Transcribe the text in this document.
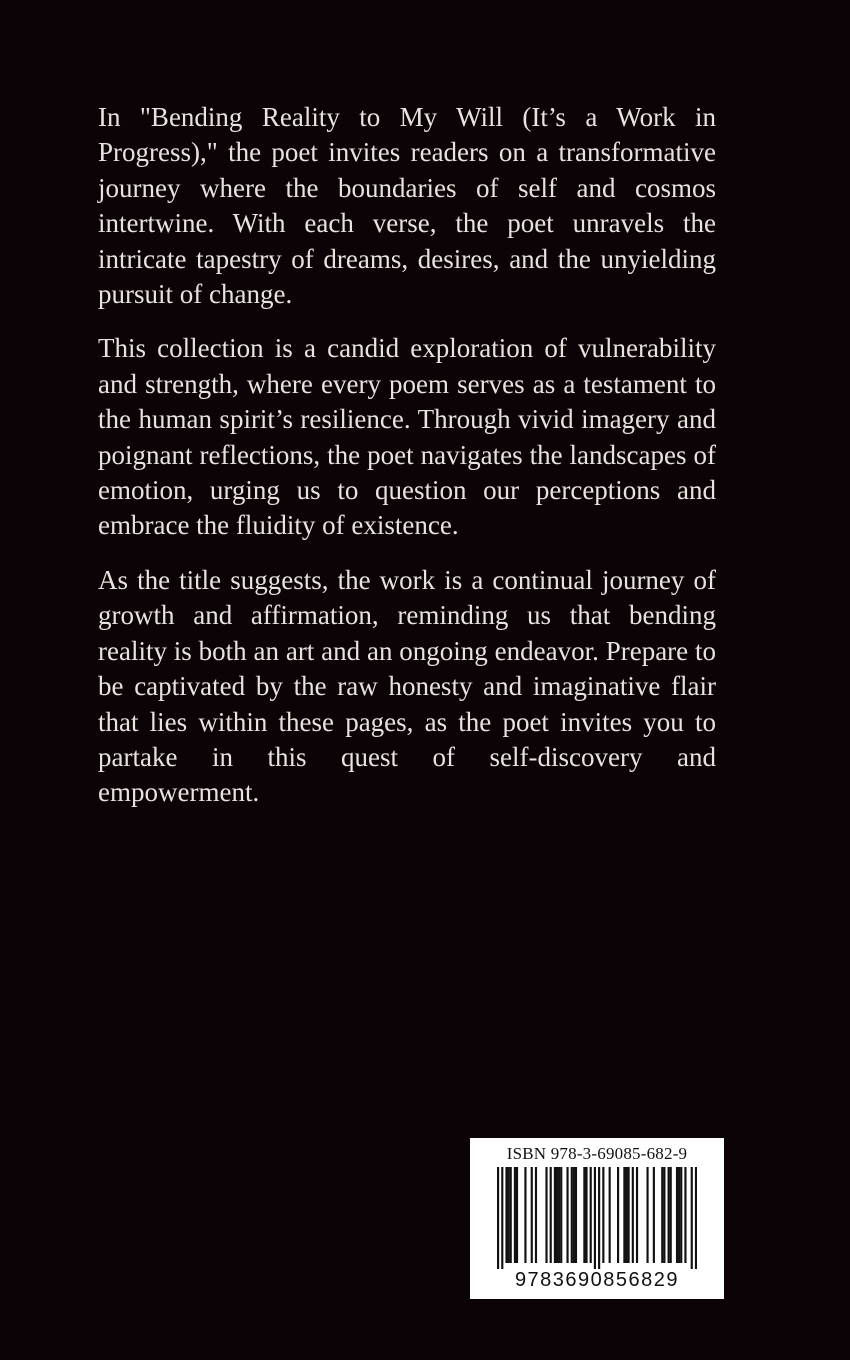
In "Bending Reality to My Will (It’s a Work in Progress)," the poet invites readers on a transformative journey where the boundaries of self and cosmos intertwine. With each verse, the poet unravels the intricate tapestry of dreams, desires, and the unyielding pursuit of change.

This collection is a candid exploration of vulnerability and strength, where every poem serves as a testament to the human spirit’s resilience. Through vivid imagery and poignant reflections, the poet navigates the landscapes of emotion, urging us to question our perceptions and embrace the fluidity of existence.

As the title suggests, the work is a continual journey of growth and affirmation, reminding us that bending reality is both an art and an ongoing endeavor. Prepare to be captivated by the raw honesty and imaginative flair that lies within these pages, as the poet invites you to partake in this quest of self-discovery and empowerment.

ISBN 978-3-69085-682-9
9783690856829
